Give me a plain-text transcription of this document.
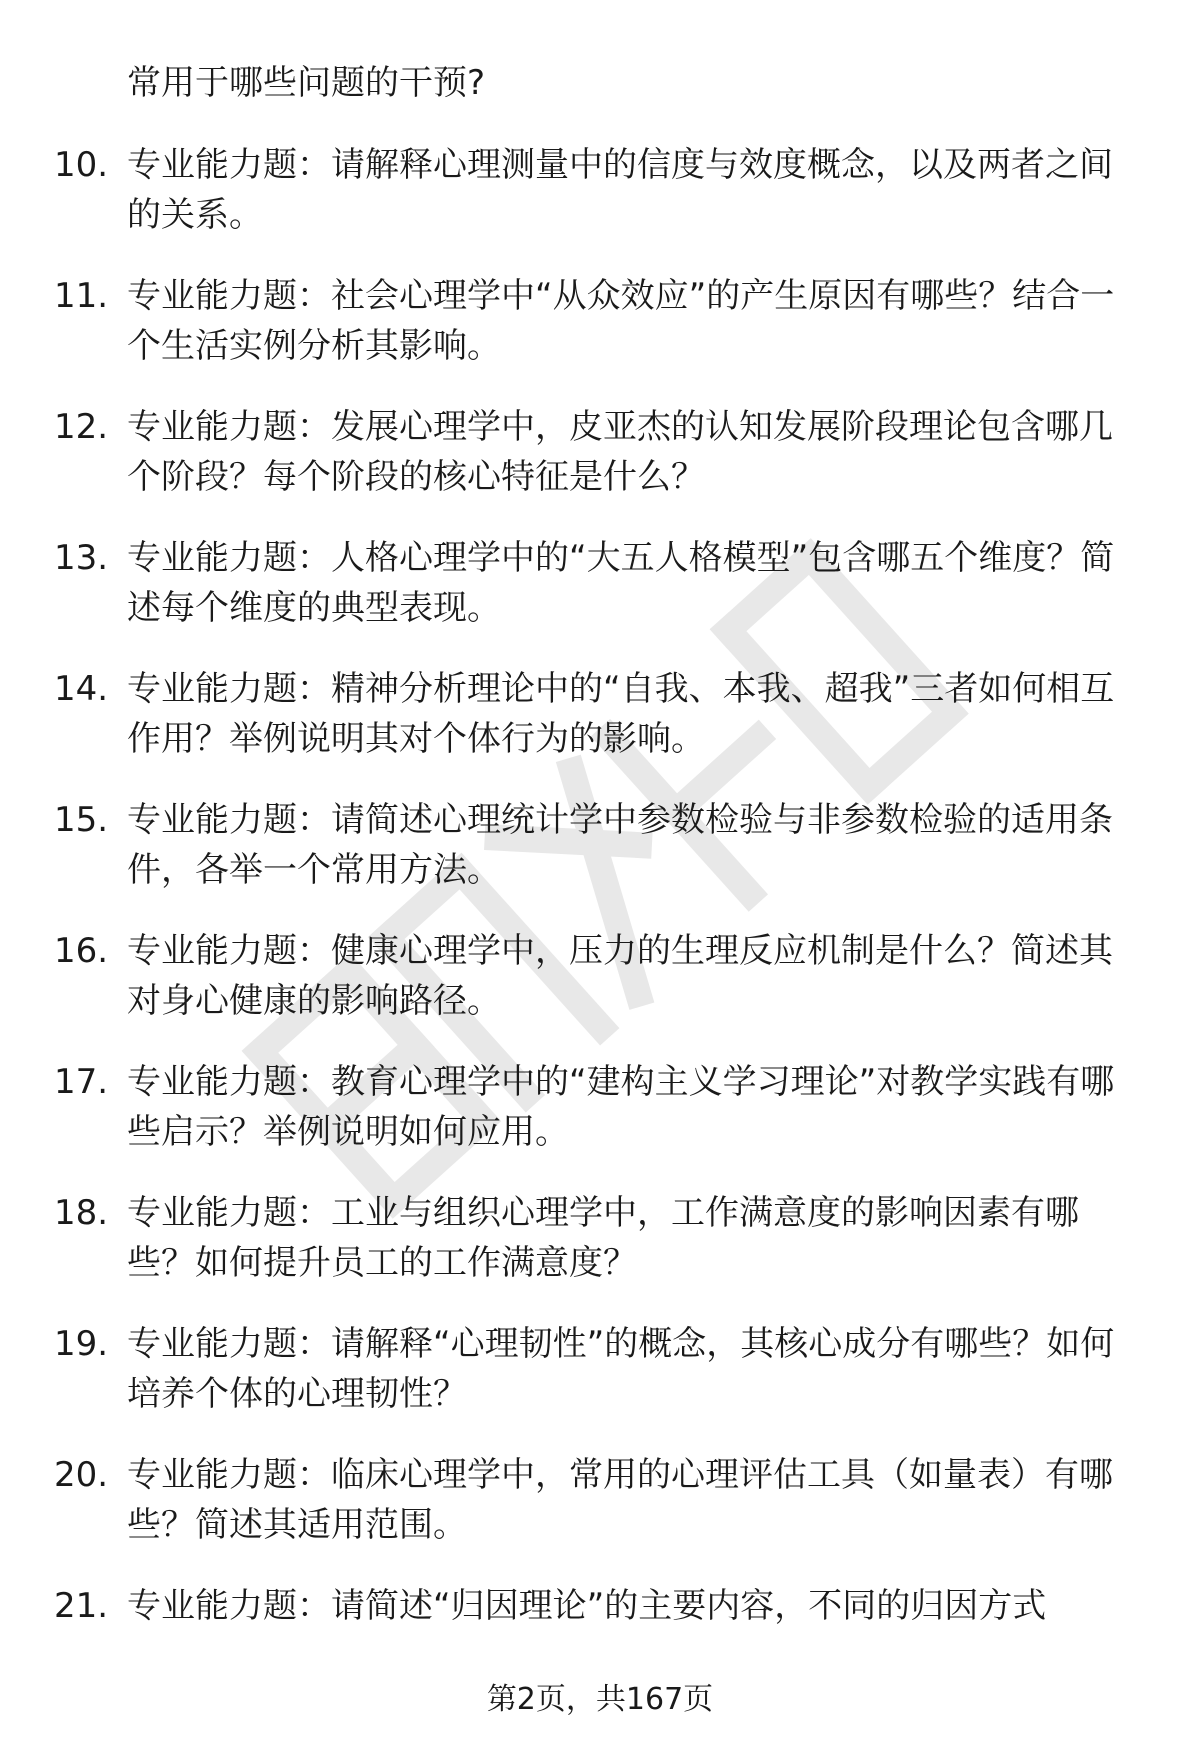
常用于哪些问题的干预?

10. 专业能力题：请解释心理测量中的信度与效度概念，以及两者之间的关系。
11. 专业能力题：社会心理学中“从众效应”的产生原因有哪些？结合一个生活实例分析其影响。
12. 专业能力题：发展心理学中，皮亚杰的认知发展阶段理论包含哪几个阶段？每个阶段的核心特征是什么？
13. 专业能力题：人格心理学中的“大五人格模型”包含哪五个维度？简述每个维度的典型表现。
14. 专业能力题：精神分析理论中的“自我、本我、超我”三者如何相互作用？举例说明其对个体行为的影响。
15. 专业能力题：请简述心理统计学中参数检验与非参数检验的适用条件，各举一个常用方法。
16. 专业能力题：健康心理学中，压力的生理反应机制是什么？简述其对身心健康的影响路径。
17. 专业能力题：教育心理学中的“建构主义学习理论”对教学实践有哪些启示？举例说明如何应用。
18. 专业能力题：工业与组织心理学中，工作满意度的影响因素有哪些？如何提升员工的工作满意度？
19. 专业能力题：请解释“心理韧性”的概念，其核心成分有哪些？如何培养个体的心理韧性？
20. 专业能力题：临床心理学中，常用的心理评估工具（如量表）有哪些？简述其适用范围。
21. 专业能力题：请简述“归因理论”的主要内容，不同的归因方式
第2页，共167页
